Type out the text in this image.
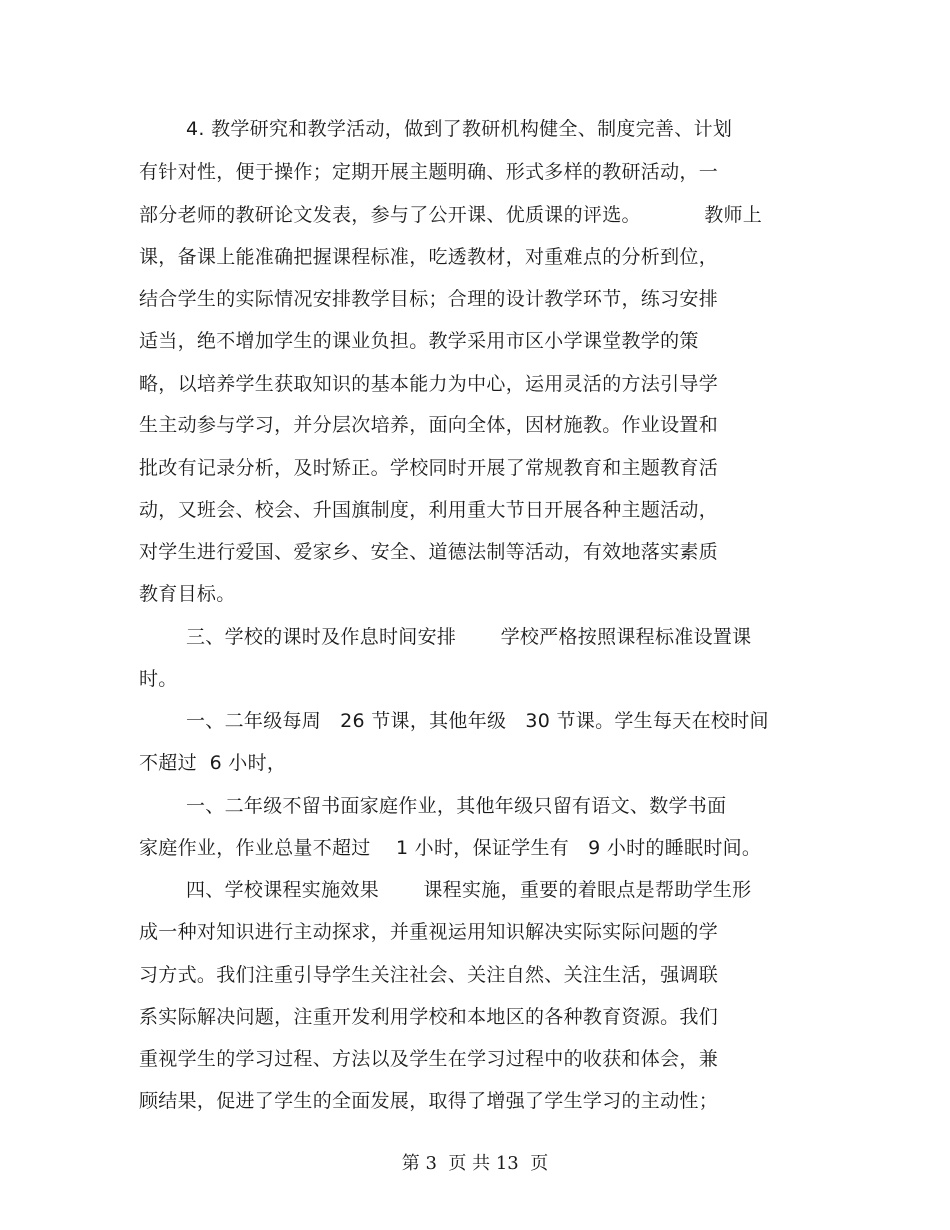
4. 教学研究和教学活动，做到了教研机构健全、制度完善、计划
有针对性，便于操作；定期开展主题明确、形式多样的教研活动，一
部分老师的教研论文发表，参与了公开课、优质课的评选。          教师上
课，备课上能准确把握课程标准，吃透教材，对重难点的分析到位，
结合学生的实际情况安排教学目标；合理的设计教学环节，练习安排
适当，绝不增加学生的课业负担。教学采用市区小学课堂教学的策
略，以培养学生获取知识的基本能力为中心，运用灵活的方法引导学
生主动参与学习，并分层次培养，面向全体，因材施教。作业设置和
批改有记录分析，及时矫正。学校同时开展了常规教育和主题教育活
动，又班会、校会、升国旗制度，利用重大节日开展各种主题活动，
对学生进行爱国、爱家乡、安全、道德法制等活动，有效地落实素质
教育目标。
三、学校的课时及作息时间安排       学校严格按照课程标准设置课
时。
一、二年级每周   26 节课，其他年级   30 节课。学生每天在校时间
不超过  6 小时，
一、二年级不留书面家庭作业，其他年级只留有语文、数学书面
家庭作业，作业总量不超过    1 小时，保证学生有   9 小时的睡眠时间。
四、学校课程实施效果       课程实施，重要的着眼点是帮助学生形
成一种对知识进行主动探求，并重视运用知识解决实际实际问题的学
习方式。我们注重引导学生关注社会、关注自然、关注生活，强调联
系实际解决问题，注重开发利用学校和本地区的各种教育资源。我们
重视学生的学习过程、方法以及学生在学习过程中的收获和体会，兼
顾结果，促进了学生的全面发展，取得了增强了学生学习的主动性；
第 3  页 共 13  页
